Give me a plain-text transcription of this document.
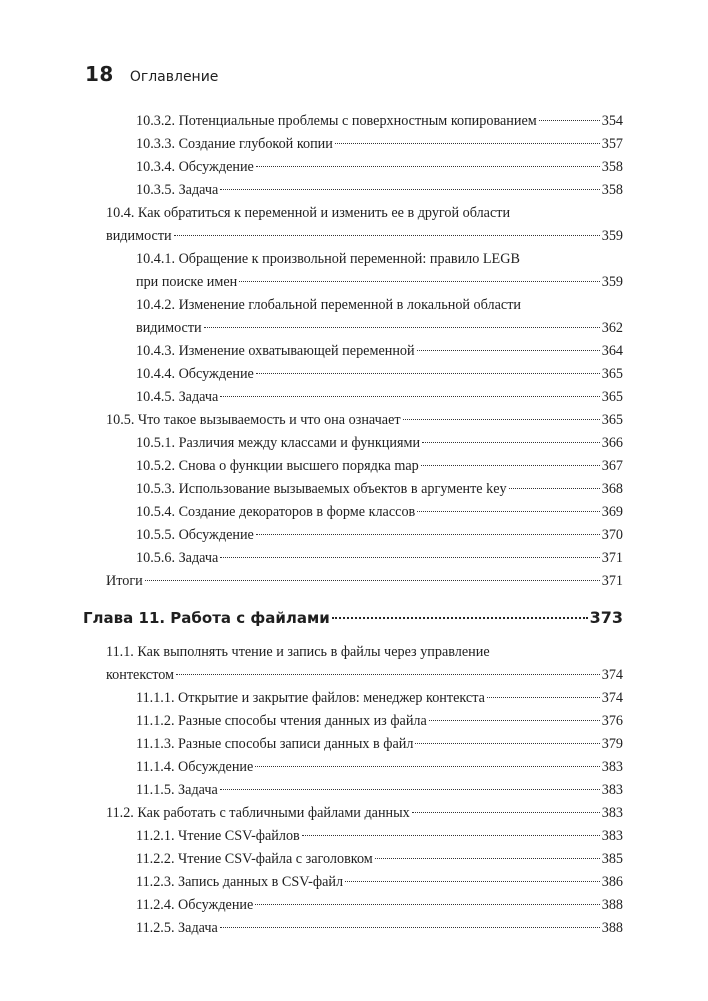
18 Оглавление
10.3.2. Потенциальные проблемы с поверхностным копированием	354
10.3.3. Создание глубокой копии	357
10.3.4. Обсуждение	358
10.3.5. Задача	358
10.4. Как обратиться к переменной и изменить ее в другой области
видимости	359
10.4.1. Обращение к произвольной переменной: правило LEGB
при поиске имен	359
10.4.2. Изменение глобальной переменной в локальной области
видимости	362
10.4.3. Изменение охватывающей переменной	364
10.4.4. Обсуждение	365
10.4.5. Задача	365
10.5. Что такое вызываемость и что она означает	365
10.5.1. Различия между классами и функциями	366
10.5.2. Снова о функции высшего порядка map	367
10.5.3. Использование вызываемых объектов в аргументе key	368
10.5.4. Создание декораторов в форме классов	369
10.5.5. Обсуждение	370
10.5.6. Задача	371
Итоги	371
Глава 11. Работа с файлами	373
11.1. Как выполнять чтение и запись в файлы через управление
контекстом	374
11.1.1. Открытие и закрытие файлов: менеджер контекста	374
11.1.2. Разные способы чтения данных из файла	376
11.1.3. Разные способы записи данных в файл	379
11.1.4. Обсуждение	383
11.1.5. Задача	383
11.2. Как работать с табличными файлами данных	383
11.2.1. Чтение CSV-файлов	383
11.2.2. Чтение CSV-файла с заголовком	385
11.2.3. Запись данных в CSV-файл	386
11.2.4. Обсуждение	388
11.2.5. Задача	388
